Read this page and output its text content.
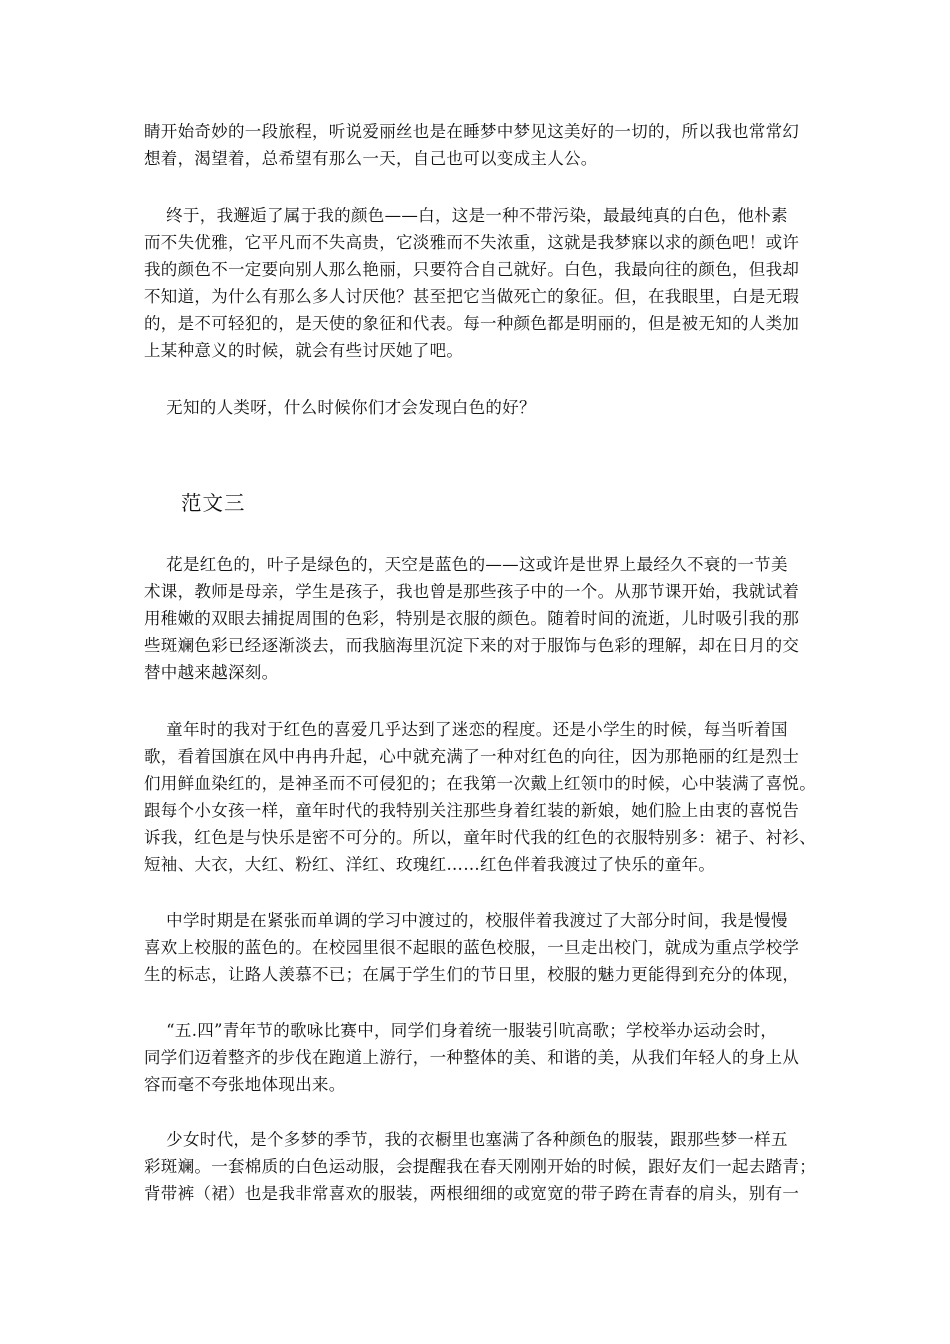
睛开始奇妙的一段旅程，听说爱丽丝也是在睡梦中梦见这美好的一切的，所以我也常常幻
想着，渴望着，总希望有那么一天，自己也可以变成主人公。

终于，我邂逅了属于我的颜色——白，这是一种不带污染，最最纯真的白色，他朴素
而不失优雅，它平凡而不失高贵，它淡雅而不失浓重，这就是我梦寐以求的颜色吧！或许
我的颜色不一定要向别人那么艳丽，只要符合自己就好。白色，我最向往的颜色，但我却
不知道，为什么有那么多人讨厌他？甚至把它当做死亡的象征。但，在我眼里，白是无瑕
的，是不可轻犯的，是天使的象征和代表。每一种颜色都是明丽的，但是被无知的人类加
上某种意义的时候，就会有些讨厌她了吧。

无知的人类呀，什么时候你们才会发现白色的好？

范文三

花是红色的，叶子是绿色的，天空是蓝色的——这或许是世界上最经久不衰的一节美
术课，教师是母亲，学生是孩子，我也曾是那些孩子中的一个。从那节课开始，我就试着
用稚嫩的双眼去捕捉周围的色彩，特别是衣服的颜色。随着时间的流逝，儿时吸引我的那
些斑斓色彩已经逐渐淡去，而我脑海里沉淀下来的对于服饰与色彩的理解，却在日月的交
替中越来越深刻。

童年时的我对于红色的喜爱几乎达到了迷恋的程度。还是小学生的时候，每当听着国
歌，看着国旗在风中冉冉升起，心中就充满了一种对红色的向往，因为那艳丽的红是烈士
们用鲜血染红的，是神圣而不可侵犯的；在我第一次戴上红领巾的时候，心中装满了喜悦。
跟每个小女孩一样，童年时代的我特别关注那些身着红装的新娘，她们脸上由衷的喜悦告
诉我，红色是与快乐是密不可分的。所以，童年时代我的红色的衣服特别多：裙子、衬衫、
短袖、大衣，大红、粉红、洋红、玫瑰红……红色伴着我渡过了快乐的童年。

中学时期是在紧张而单调的学习中渡过的，校服伴着我渡过了大部分时间，我是慢慢
喜欢上校服的蓝色的。在校园里很不起眼的蓝色校服，一旦走出校门，就成为重点学校学
生的标志，让路人羡慕不已；在属于学生们的节日里，校服的魅力更能得到充分的体现，

“五.四”青年节的歌咏比赛中，同学们身着统一服装引吭高歌；学校举办运动会时，
同学们迈着整齐的步伐在跑道上游行，一种整体的美、和谐的美，从我们年轻人的身上从
容而毫不夸张地体现出来。

少女时代，是个多梦的季节，我的衣橱里也塞满了各种颜色的服装，跟那些梦一样五
彩斑斓。一套棉质的白色运动服，会提醒我在春天刚刚开始的时候，跟好友们一起去踏青；
背带裤（裙）也是我非常喜欢的服装，两根细细的或宽宽的带子跨在青春的肩头，别有一
